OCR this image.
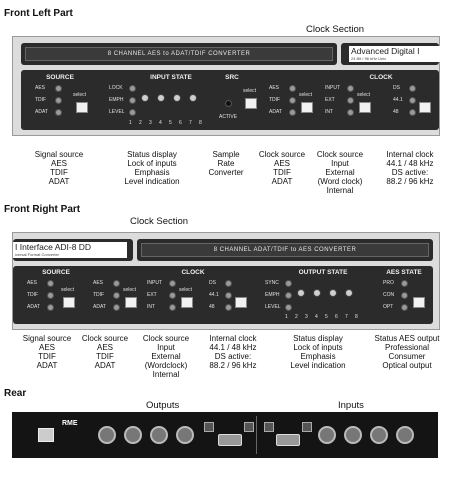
Front Left Part
Clock Section
8 CHANNEL AES to ADAT/TDIF CONVERTER	Advanced Digital I
24 Bit / 96 kHz Univ
SOURCE	INPUT STATE	SRC	CLOCK
AES
TDIF
ADAT
select
LOCK
EMPH
LEVEL
1 2 3 4 5 6 7 8
select
ACTIVE
AES
TDIF
ADAT
select
INPUT
EXT
INT
select
DS
44.1
48
Signal source
AES
TDIF
ADAT
Status display
Lock of inputs
Emphasis
Level indication
Sample
Rate
Converter
Clock source
AES
TDIF
ADAT
Clock source
Input
External
(Word clock)
Internal
Internal clock
44.1 / 48 kHz
DS active:
88.2 / 96 kHz
Front Right Part
Clock Section
I Interface ADI-8 DD
iversal Format Converter
8 CHANNEL ADAT/TDIF to AES CONVERTER
SOURCE	CLOCK	OUTPUT STATE	AES STATE
AES
TDIF
ADAT
select
AES
TDIF
ADAT
select
INPUT
EXT
INT
select
DS
44.1
48
SYNC
EMPH
LEVEL
1 2 3 4 5 6 7 8
PRO
CON
OPT
Signal source
AES
TDIF
ADAT
Clock source
AES
TDIF
ADAT
Clock source
Input
External
(Wordclock)
Internal
Internal clock
44.1 / 48 kHz
DS active:
88.2 / 96 kHz
Status display
Lock of inputs
Emphasis
Level indication
Status AES output
Professional
Consumer
Optical output
Rear
Outputs	Inputs
RME
